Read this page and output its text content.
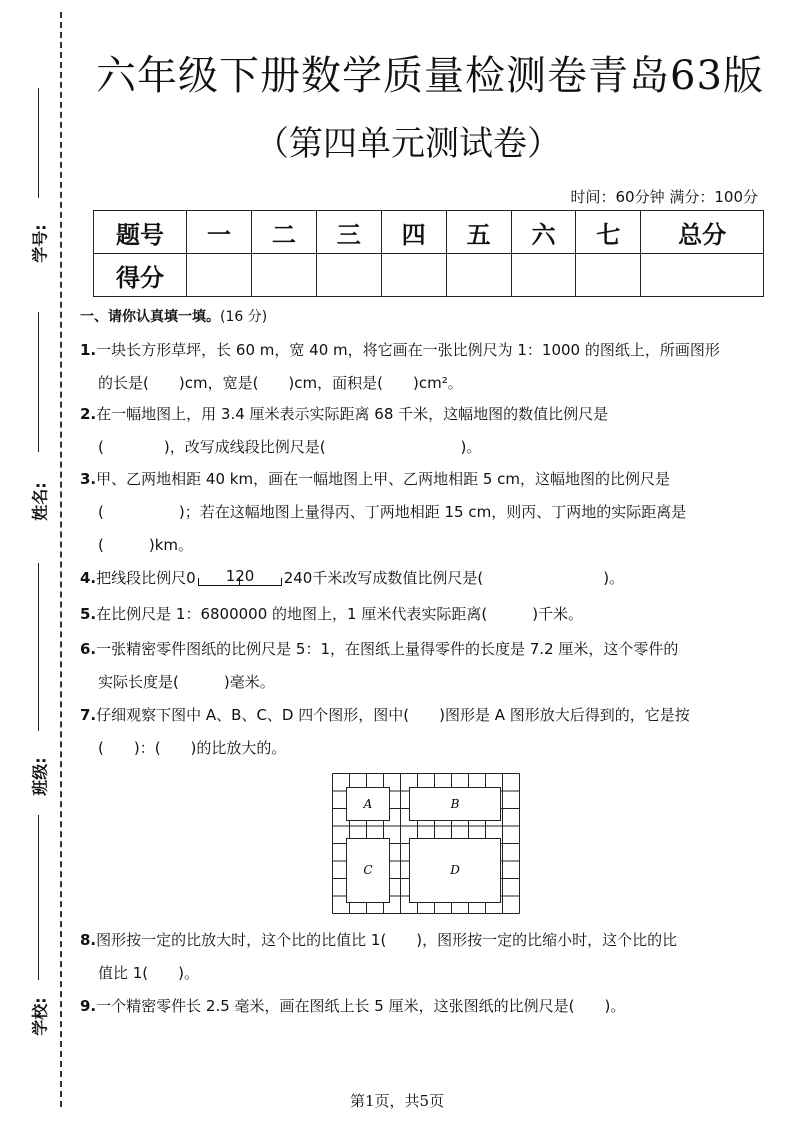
学号:
姓名:
班级:
学校:
六年级下册数学质量检测卷青岛63版
（第四单元测试卷）
时间：60分钟 满分：100分
题号	一	二	三	四	五	六	七	总分
得分								
一、请你认真填一填。(16 分)
1.一块长方形草坪，长 60 m，宽 40 m，将它画在一张比例尺为 1：1000 的图纸上，所画图形
的长是(　　)cm，宽是(　　)cm，面积是(　　)cm²。
2.在一幅地图上，用 3.4 厘米表示实际距离 68 千米，这幅地图的数值比例尺是
(　　　　)，改写成线段比例尺是(　　　　　　　　　)。
3.甲、乙两地相距 40 km，画在一幅地图上甲、乙两地相距 5 cm，这幅地图的比例尺是
(　　　　　)；若在这幅地图上量得丙、丁两地相距 15 cm，则丙、丁两地的实际距离是
(　　　)km。
4.把线段比例尺0 120 240千米改写成数值比例尺是(　　　　　　　　)。
5.在比例尺是 1：6800000 的地图上，1 厘米代表实际距离(　　　)千米。
6.一张精密零件图纸的比例尺是 5：1，在图纸上量得零件的长度是 7.2 厘米，这个零件的
实际长度是(　　　)毫米。
7.仔细观察下图中 A、B、C、D 四个图形，图中(　　)图形是 A 图形放大后得到的，它是按
(　　)：(　　)的比放大的。
A	B
C	D
8.图形按一定的比放大时，这个比的比值比 1(　　)，图形按一定的比缩小时，这个比的比
值比 1(　　)。
9.一个精密零件长 2.5 毫米，画在图纸上长 5 厘米，这张图纸的比例尺是(　　)。
第1页，共5页
